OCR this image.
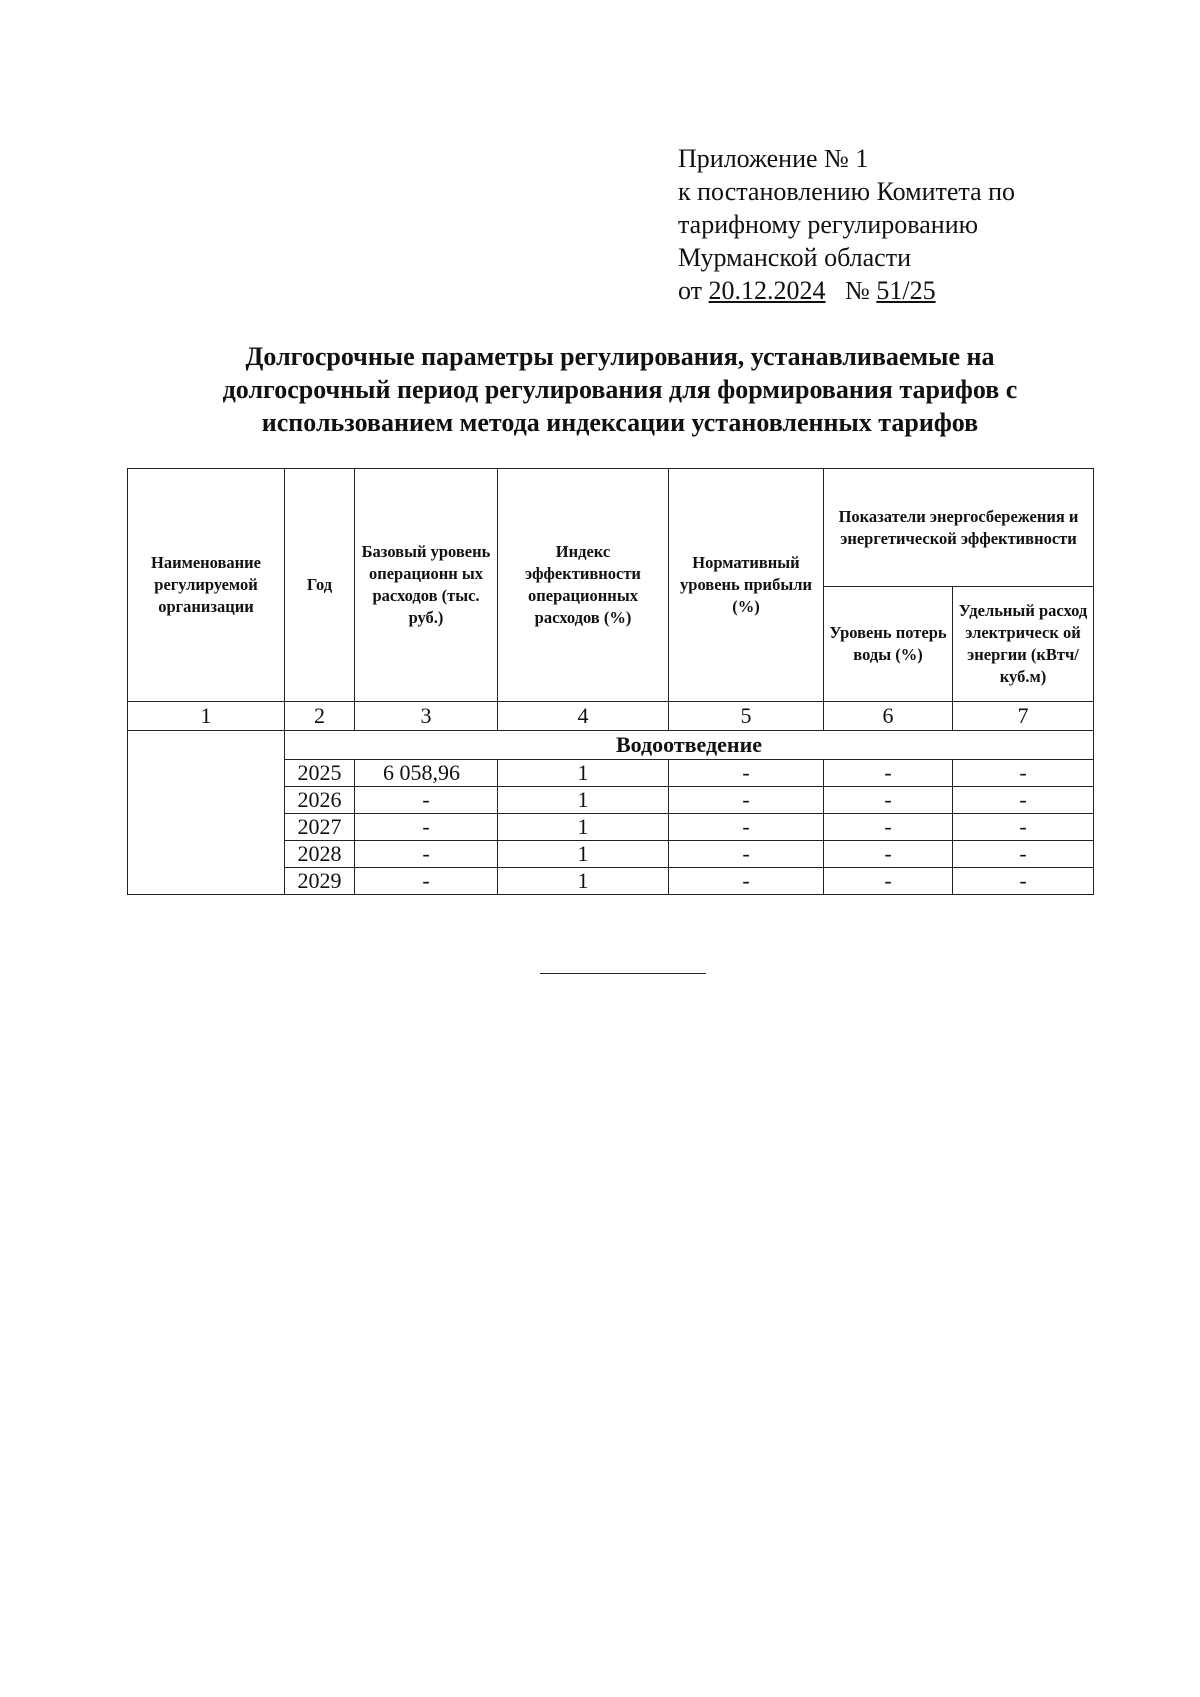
Приложение № 1
к постановлению Комитета по
тарифному регулированию
Мурманской области
от 20.12.2024 № 51/25
Долгосрочные параметры регулирования, устанавливаемые на долгосрочный период регулирования для формирования тарифов с использованием метода индексации установленных тарифов
Наименование регулируемой организации	Год	Базовый уровень операционн ых расходов (тыс. руб.)	Индекс эффективности операционных расходов (%)	Нормативный уровень прибыли (%)	Показатели энергосбережения и энергетической эффективности	
					Уровень потерь воды (%)	Удельный расход электрическ ой энергии (кВтч/куб.м)
1	2	3	4	5	6	7
	Водоотведение					
	2025	6 058,96	1	-	-	-
	2026	-	1	-	-	-
	2027	-	1	-	-	-
	2028	-	1	-	-	-
	2029	-	1	-	-	-
